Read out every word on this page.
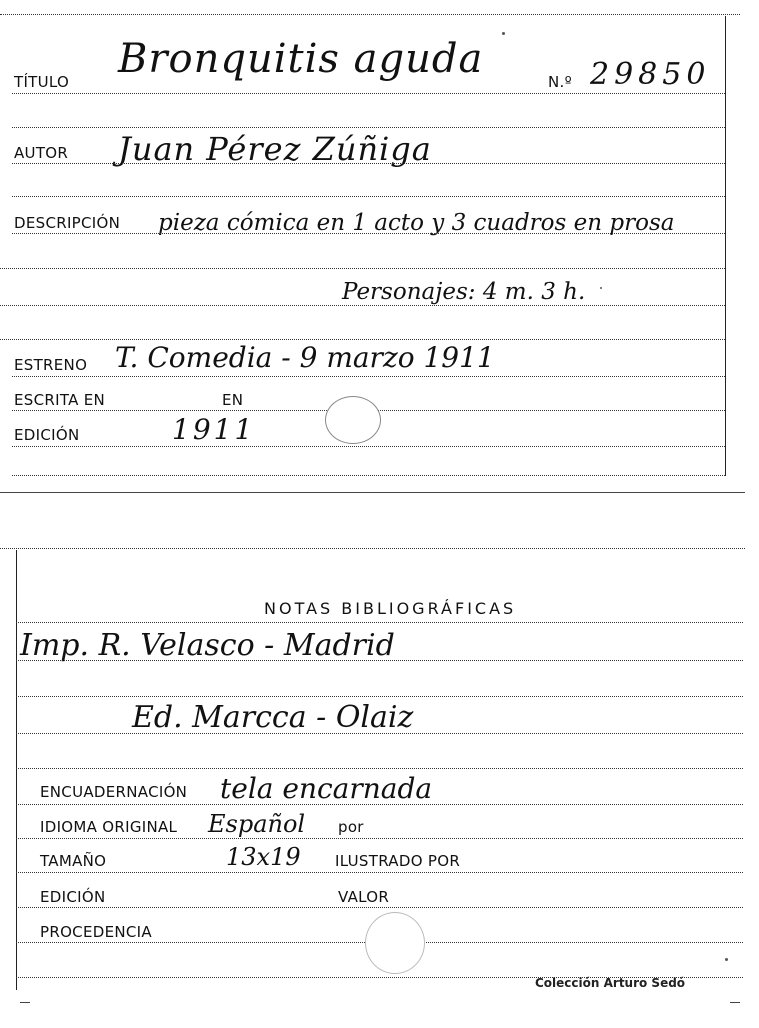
TÍTULO Bronquitis aguda	N.º 29850
AUTOR Juan Pérez Zúñiga
DESCRIPCIÓN pieza cómica en 1 acto y 3 cuadros en prosa
Personajes: 4 m. 3 h.
ESTRENO T. Comedia - 9 marzo 1911
ESCRITA EN	EN
EDICIÓN	1911
NOTAS BIBLIOGRÁFICAS
Imp. R. Velasco - Madrid
Ed. Marcca - Olaiz
ENCUADERNACIÓN tela encarnada
IDIOMA ORIGINAL Español por
TAMAÑO	13x19 ILUSTRADO POR
EDICIÓN	VALOR
PROCEDENCIA
Colección Arturo Sedó
